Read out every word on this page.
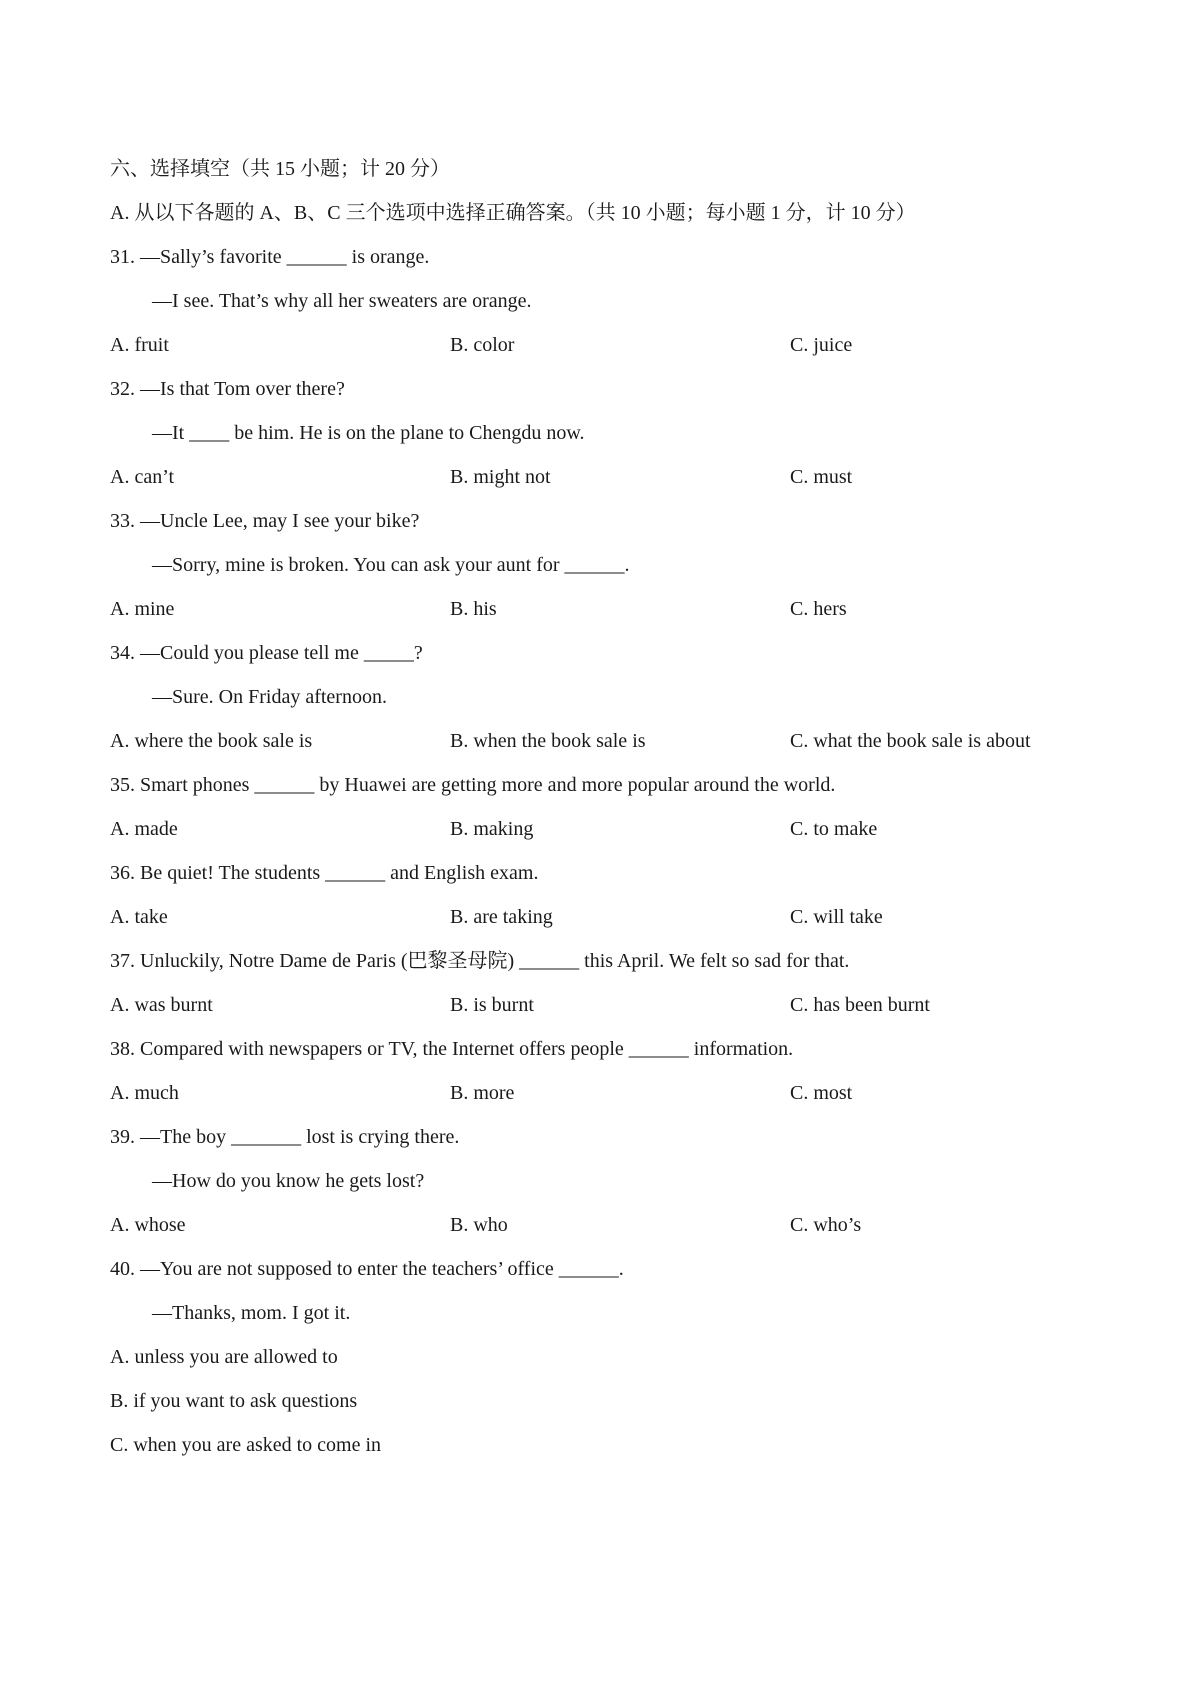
六、选择填空（共 15 小题；计 20 分）
A. 从以下各题的 A、B、C 三个选项中选择正确答案。（共 10 小题；每小题 1 分，计 10 分）
31. —Sally’s favorite ______ is orange.
—I see. That’s why all her sweaters are orange.
A. fruit	B. color	C. juice
32. —Is that Tom over there?
—It ____ be him. He is on the plane to Chengdu now.
A. can’t	B. might not	C. must
33. —Uncle Lee, may I see your bike?
—Sorry, mine is broken. You can ask your aunt for ______.
A. mine	B. his	C. hers
34. —Could you please tell me _____?
—Sure. On Friday afternoon.
A. where the book sale is	B. when the book sale is	C. what the book sale is about
35. Smart phones ______ by Huawei are getting more and more popular around the world.
A. made	B. making	C. to make
36. Be quiet! The students ______ and English exam.
A. take	B. are taking	C. will take
37. Unluckily, Notre Dame de Paris (巴黎圣母院) ______ this April. We felt so sad for that.
A. was burnt	B. is burnt	C. has been burnt
38. Compared with newspapers or TV, the Internet offers people ______ information.
A. much	B. more	C. most
39. —The boy _______ lost is crying there.
—How do you know he gets lost?
A. whose	B. who	C. who’s
40. —You are not supposed to enter the teachers’ office ______.
—Thanks, mom. I got it.
A. unless you are allowed to
B. if you want to ask questions
C. when you are asked to come in
